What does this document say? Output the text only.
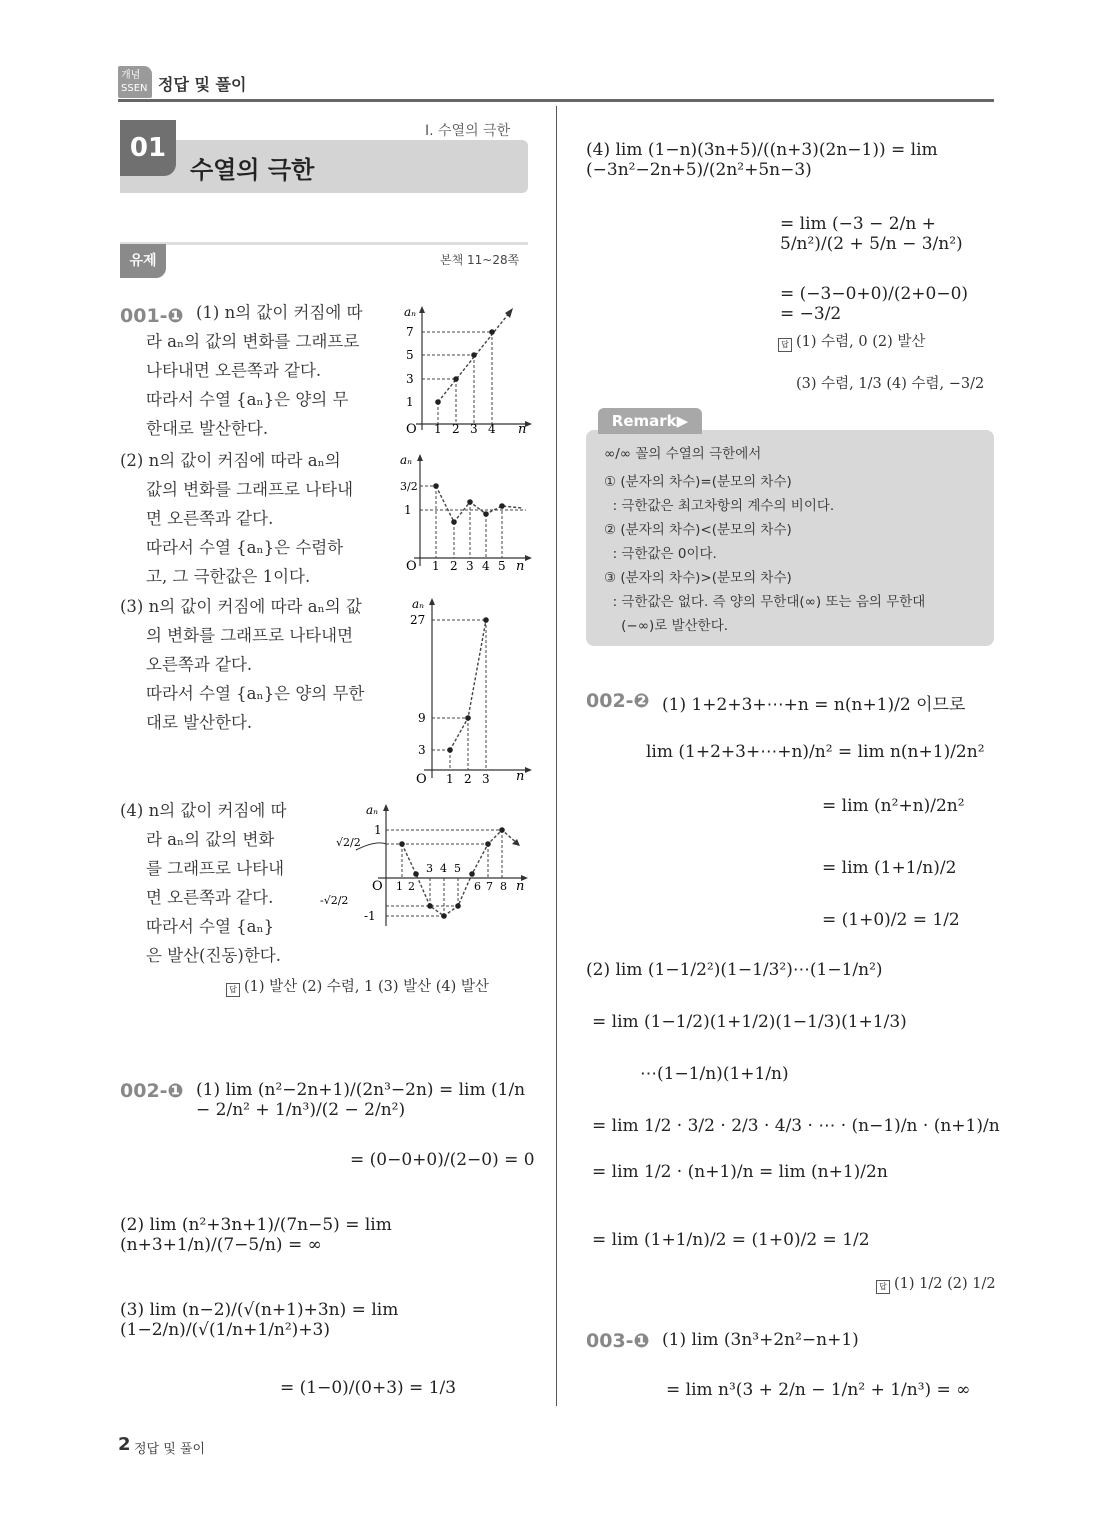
개념
SSEN 정답 및 풀이
01
수열의 극한
Ⅰ. 수열의 극한
유제	본책 11~28쪽
001-❶ (1) n의 값이 커짐에 따
라 aₙ의 값의 변화를 그래프로
나타내면 오른쪽과 같다.
따라서 수열 {aₙ}은 양의 무
한대로 발산한다.
(2) n의 값이 커짐에 따라 aₙ의
값의 변화를 그래프로 나타내
면 오른쪽과 같다.
따라서 수열 {aₙ}은 수렴하
고, 그 극한값은 1이다.
(3) n의 값이 커짐에 따라 aₙ의 값
의 변화를 그래프로 나타내면
오른쪽과 같다.
따라서 수열 {aₙ}은 양의 무한
대로 발산한다.
(4) n의 값이 커짐에 따
라 aₙ의 값의 변화
를 그래프로 나타내
면 오른쪽과 같다.
따라서 수열 {aₙ}
은 발산(진동)한다.
답 (1) 발산 (2) 수렴, 1 (3) 발산 (4) 발산
aₙ
1
3
5
7
O 1 2 3 4 n
aₙ
1
3/2
O 1 2 3 4 5 n
aₙ
27
9
3
O 1 2 3 n
aₙ
1
-1
√2/2
-√2/2
O 1 2
3 4 5
6 7 8 n
002-❶ (1) lim (n²−2n+1)/(2n³−2n) = lim (1/n − 2/n² + 1/n³)/(2 − 2/n²)
= (0−0+0)/(2−0) = 0
(2) lim (n²+3n+1)/(7n−5) = lim (n+3+1/n)/(7−5/n) = ∞
(3) lim (n−2)/(√(n+1)+3n) = lim (1−2/n)/(√(1/n+1/n²)+3)
= (1−0)/(0+3) = 1/3
(4) lim (1−n)(3n+5)/((n+3)(2n−1)) = lim (−3n²−2n+5)/(2n²+5n−3)
= lim (−3 − 2/n + 5/n²)/(2 + 5/n − 3/n²)
= (−3−0+0)/(2+0−0) = −3/2
답 (1) 수렴, 0 (2) 발산
(3) 수렴, 1/3 (4) 수렴, −3/2
Remark▶
∞/∞ 꼴의 수열의 극한에서
① (분자의 차수)=(분모의 차수)
: 극한값은 최고차항의 계수의 비이다.
② (분자의 차수)<(분모의 차수)
: 극한값은 0이다.
③ (분자의 차수)>(분모의 차수)
: 극한값은 없다. 즉 양의 무한대(∞) 또는 음의 무한대
(−∞)로 발산한다.
002-❷ (1) 1+2+3+⋯+n = n(n+1)/2 이므로
lim (1+2+3+⋯+n)/n² = lim n(n+1)/2n²
= lim (n²+n)/2n²
= lim (1+1/n)/2
= (1+0)/2 = 1/2
(2) lim (1−1/2²)(1−1/3²)⋯(1−1/n²)
= lim (1−1/2)(1+1/2)(1−1/3)(1+1/3)
⋯(1−1/n)(1+1/n)
= lim 1/2 · 3/2 · 2/3 · 4/3 · ⋯ · (n−1)/n · (n+1)/n
= lim 1/2 · (n+1)/n = lim (n+1)/2n
= lim (1+1/n)/2 = (1+0)/2 = 1/2
답 (1) 1/2 (2) 1/2
003-❶ (1) lim (3n³+2n²−n+1)
= lim n³(3 + 2/n − 1/n² + 1/n³) = ∞
2 정답 및 풀이
